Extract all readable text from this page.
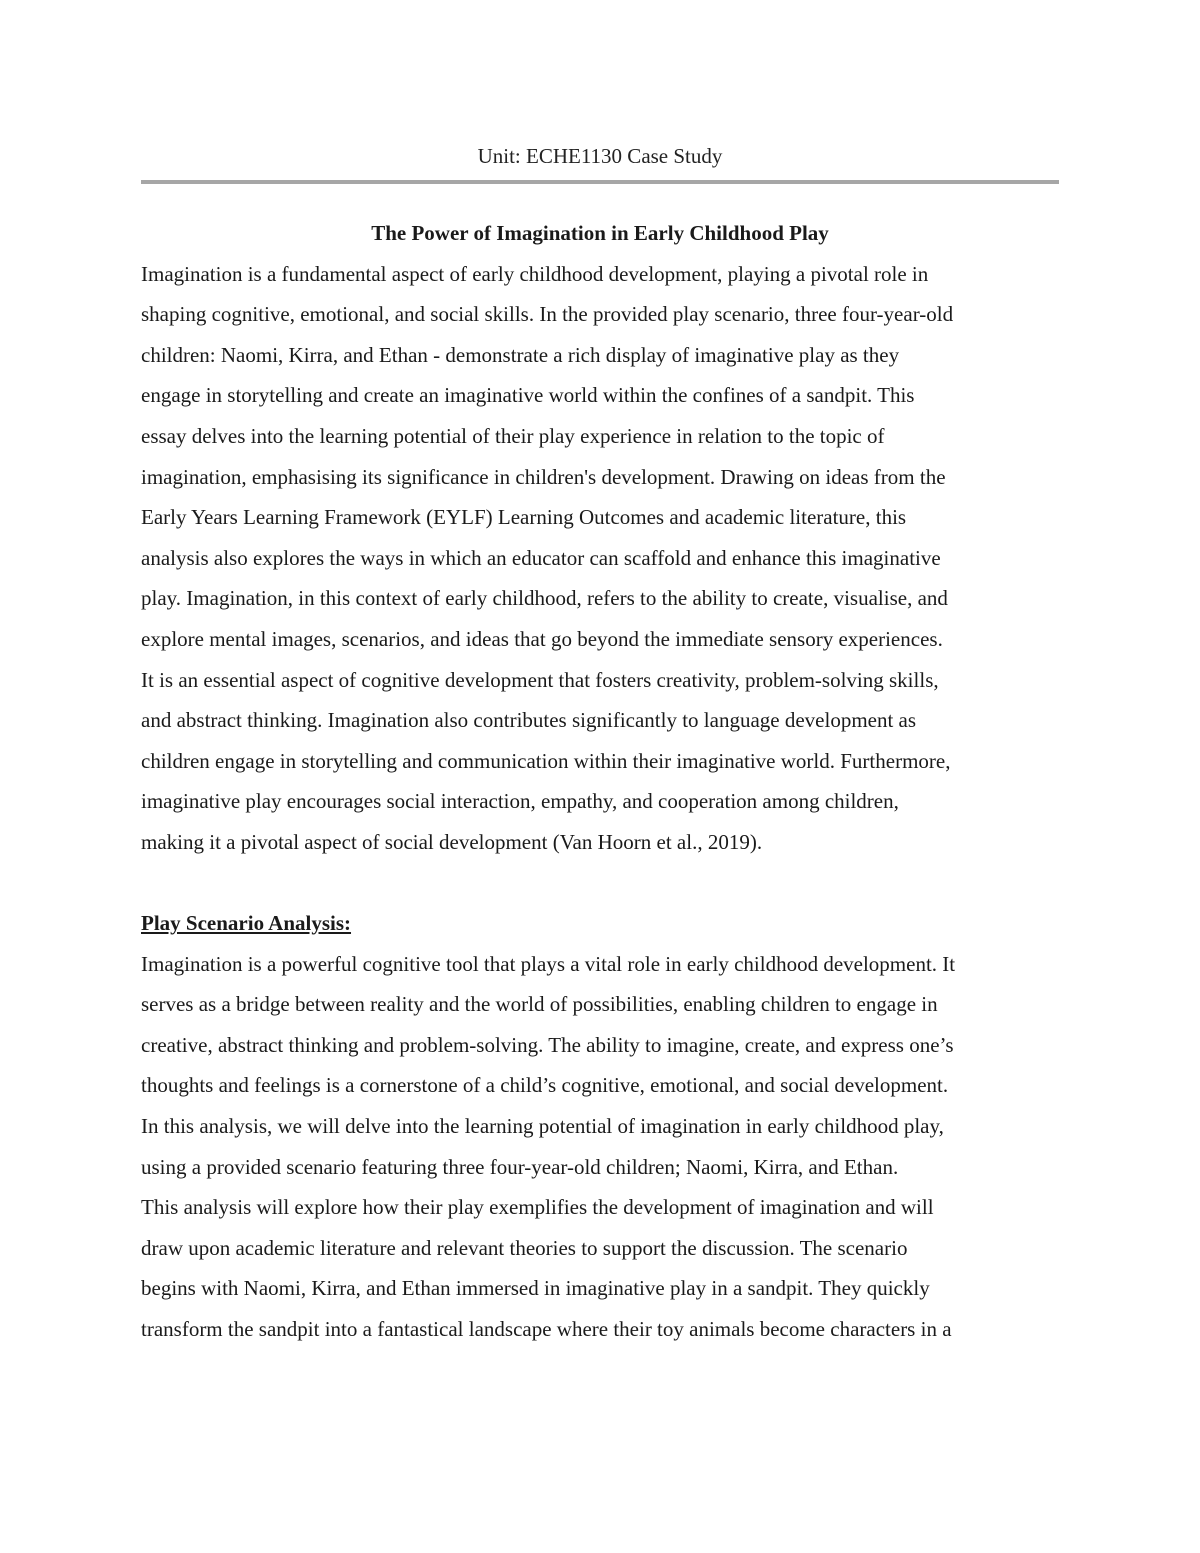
Unit: ECHE1130 Case Study

The Power of Imagination in Early Childhood Play

Imagination is a fundamental aspect of early childhood development, playing a pivotal role in
shaping cognitive, emotional, and social skills. In the provided play scenario, three four-year-old
children: Naomi, Kirra, and Ethan - demonstrate a rich display of imaginative play as they
engage in storytelling and create an imaginative world within the confines of a sandpit. This
essay delves into the learning potential of their play experience in relation to the topic of
imagination, emphasising its significance in children's development. Drawing on ideas from the
Early Years Learning Framework (EYLF) Learning Outcomes and academic literature, this
analysis also explores the ways in which an educator can scaffold and enhance this imaginative
play. Imagination, in this context of early childhood, refers to the ability to create, visualise, and
explore mental images, scenarios, and ideas that go beyond the immediate sensory experiences.
It is an essential aspect of cognitive development that fosters creativity, problem-solving skills,
and abstract thinking. Imagination also contributes significantly to language development as
children engage in storytelling and communication within their imaginative world. Furthermore,
imaginative play encourages social interaction, empathy, and cooperation among children,
making it a pivotal aspect of social development (Van Hoorn et al., 2019).
Play Scenario Analysis:
Imagination is a powerful cognitive tool that plays a vital role in early childhood development. It
serves as a bridge between reality and the world of possibilities, enabling children to engage in
creative, abstract thinking and problem-solving. The ability to imagine, create, and express one’s
thoughts and feelings is a cornerstone of a child’s cognitive, emotional, and social development.
In this analysis, we will delve into the learning potential of imagination in early childhood play,
using a provided scenario featuring three four-year-old children; Naomi, Kirra, and Ethan.
This analysis will explore how their play exemplifies the development of imagination and will
draw upon academic literature and relevant theories to support the discussion. The scenario
begins with Naomi, Kirra, and Ethan immersed in imaginative play in a sandpit. They quickly
transform the sandpit into a fantastical landscape where their toy animals become characters in a
